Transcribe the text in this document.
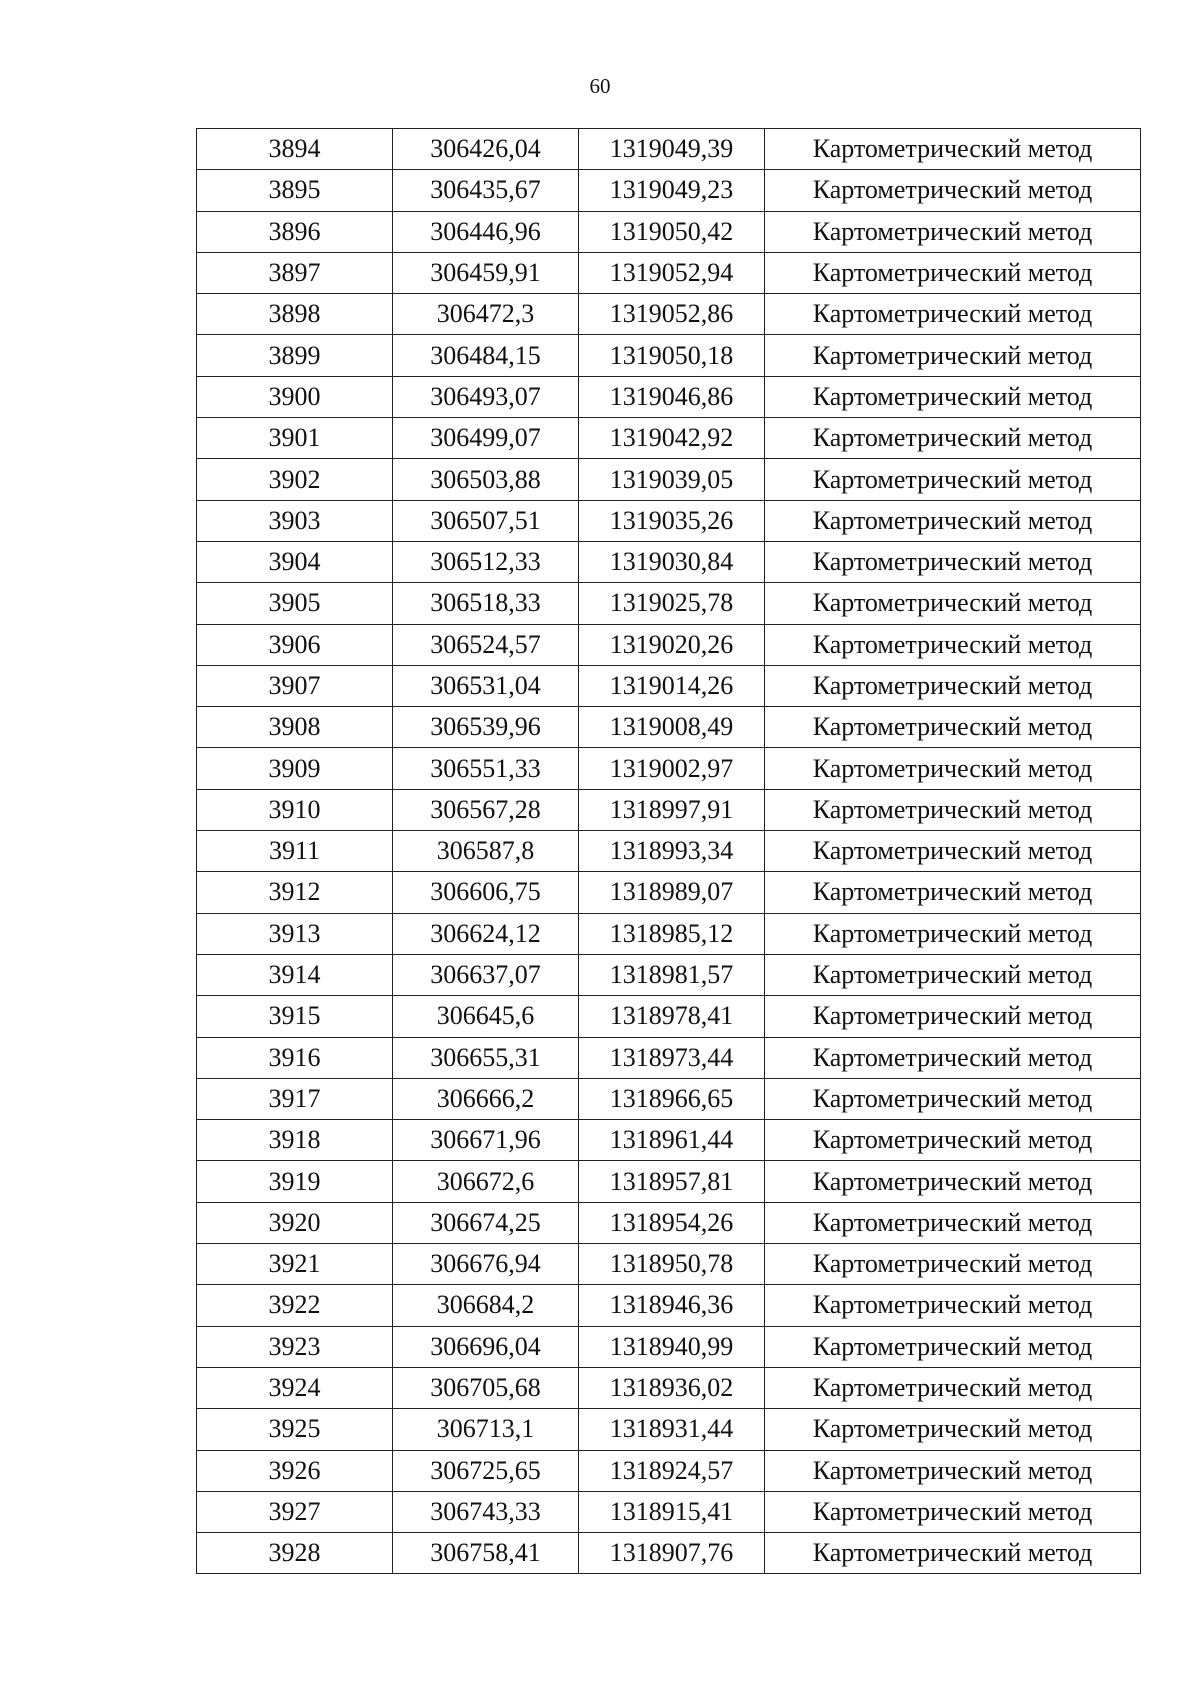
60
3894	306426,04	1319049,39	Картометрический метод
3895	306435,67	1319049,23	Картометрический метод
3896	306446,96	1319050,42	Картометрический метод
3897	306459,91	1319052,94	Картометрический метод
3898	306472,3	1319052,86	Картометрический метод
3899	306484,15	1319050,18	Картометрический метод
3900	306493,07	1319046,86	Картометрический метод
3901	306499,07	1319042,92	Картометрический метод
3902	306503,88	1319039,05	Картометрический метод
3903	306507,51	1319035,26	Картометрический метод
3904	306512,33	1319030,84	Картометрический метод
3905	306518,33	1319025,78	Картометрический метод
3906	306524,57	1319020,26	Картометрический метод
3907	306531,04	1319014,26	Картометрический метод
3908	306539,96	1319008,49	Картометрический метод
3909	306551,33	1319002,97	Картометрический метод
3910	306567,28	1318997,91	Картометрический метод
3911	306587,8	1318993,34	Картометрический метод
3912	306606,75	1318989,07	Картометрический метод
3913	306624,12	1318985,12	Картометрический метод
3914	306637,07	1318981,57	Картометрический метод
3915	306645,6	1318978,41	Картометрический метод
3916	306655,31	1318973,44	Картометрический метод
3917	306666,2	1318966,65	Картометрический метод
3918	306671,96	1318961,44	Картометрический метод
3919	306672,6	1318957,81	Картометрический метод
3920	306674,25	1318954,26	Картометрический метод
3921	306676,94	1318950,78	Картометрический метод
3922	306684,2	1318946,36	Картометрический метод
3923	306696,04	1318940,99	Картометрический метод
3924	306705,68	1318936,02	Картометрический метод
3925	306713,1	1318931,44	Картометрический метод
3926	306725,65	1318924,57	Картометрический метод
3927	306743,33	1318915,41	Картометрический метод
3928	306758,41	1318907,76	Картометрический метод
